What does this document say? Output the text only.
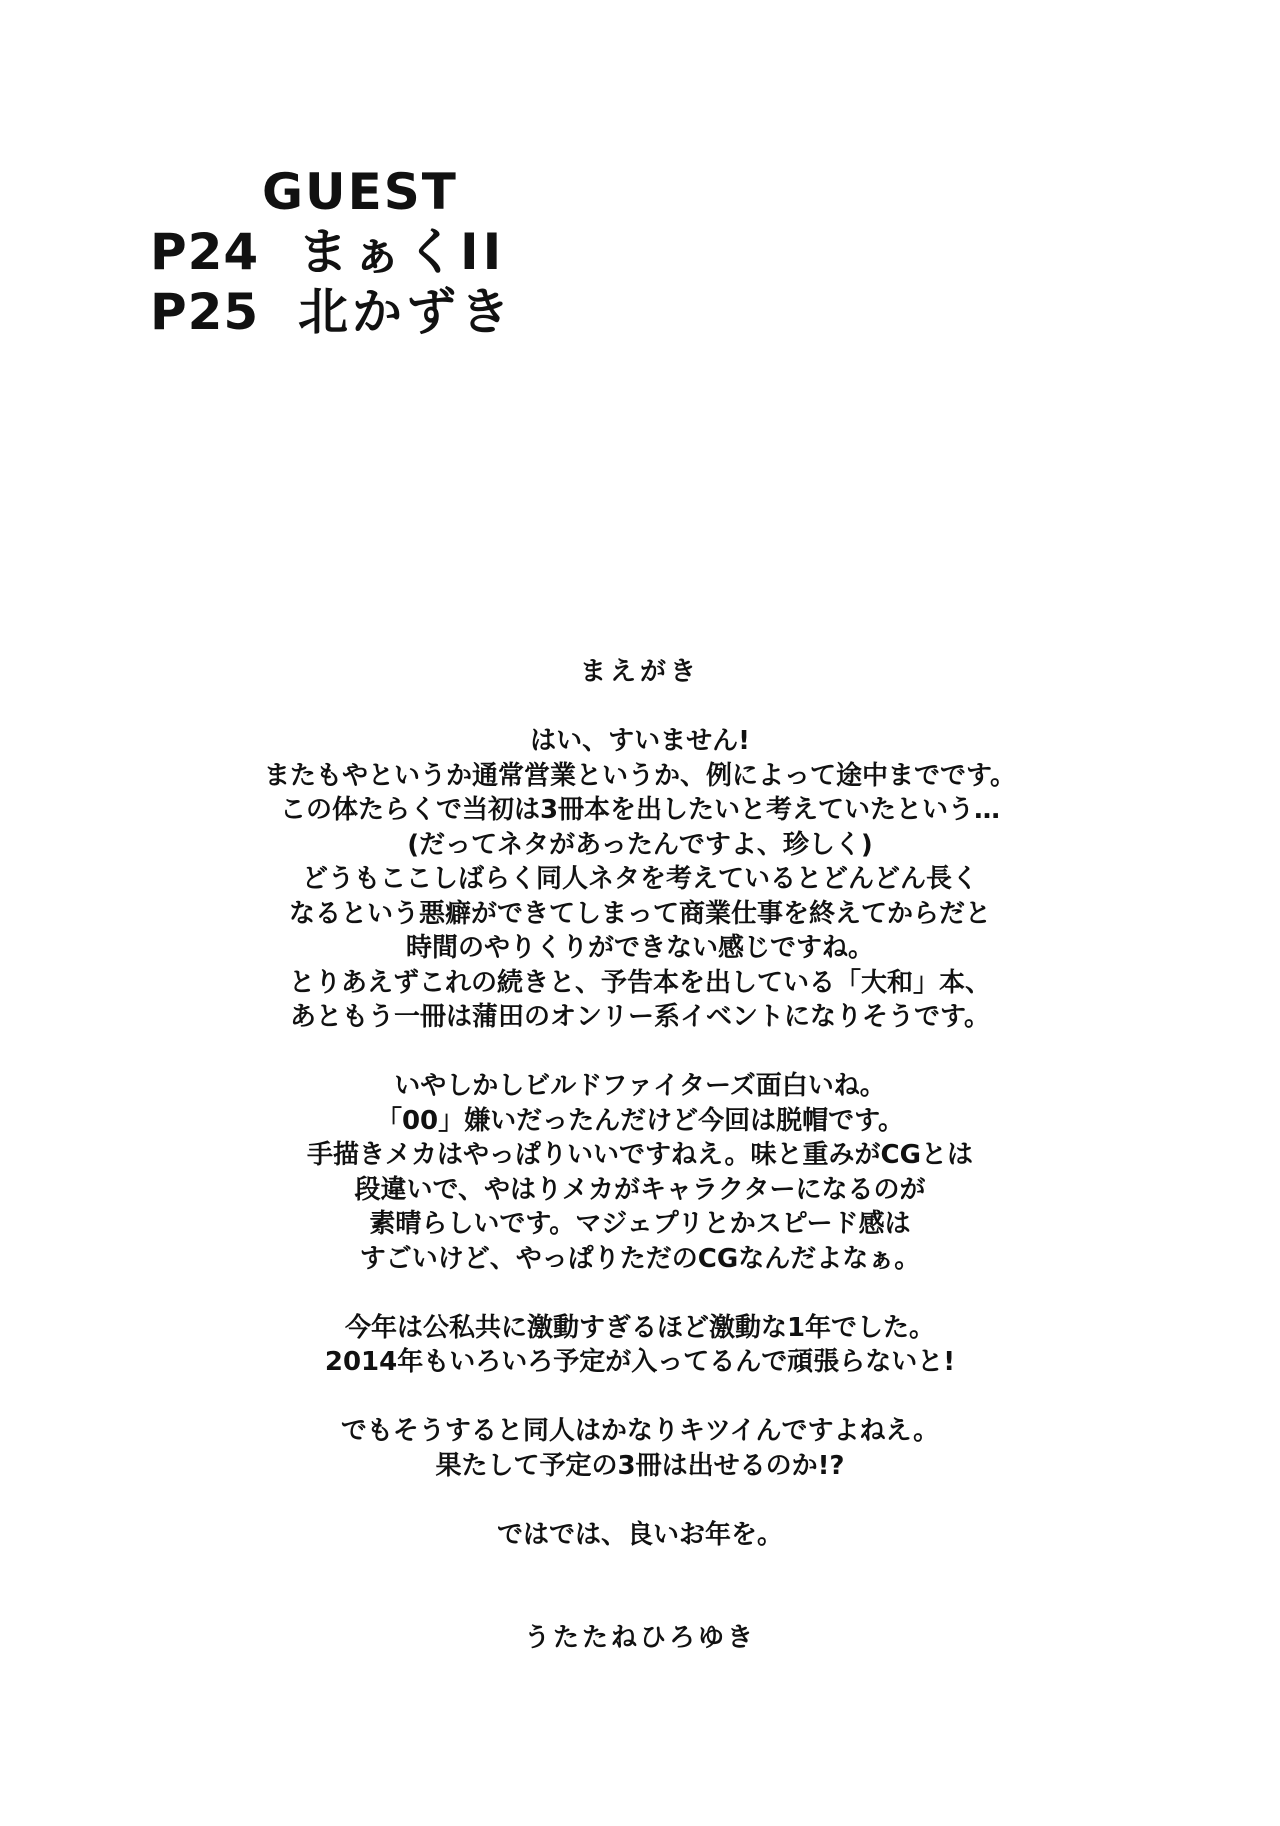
GUEST
P24 まぁくII
P25 北かずき
まえがき
はい、すいません!
またもやというか通常営業というか、例によって途中までです。
この体たらくで当初は3冊本を出したいと考えていたという…
(だってネタがあったんですよ、珍しく)
どうもここしばらく同人ネタを考えているとどんどん長く
なるという悪癖ができてしまって商業仕事を終えてからだと
時間のやりくりができない感じですね。
とりあえずこれの続きと、予告本を出している「大和」本、
あともう一冊は蒲田のオンリー系イベントになりそうです。
いやしかしビルドファイターズ面白いね。
「00」嫌いだったんだけど今回は脱帽です。
手描きメカはやっぱりいいですねえ。味と重みがCGとは
段違いで、やはりメカがキャラクターになるのが
素晴らしいです。マジェプリとかスピード感は
すごいけど、やっぱりただのCGなんだよなぁ。
今年は公私共に激動すぎるほど激動な1年でした。
2014年もいろいろ予定が入ってるんで頑張らないと!
でもそうすると同人はかなりキツイんですよねえ。
果たして予定の3冊は出せるのか!?
ではでは、良いお年を。
うたたねひろゆき
